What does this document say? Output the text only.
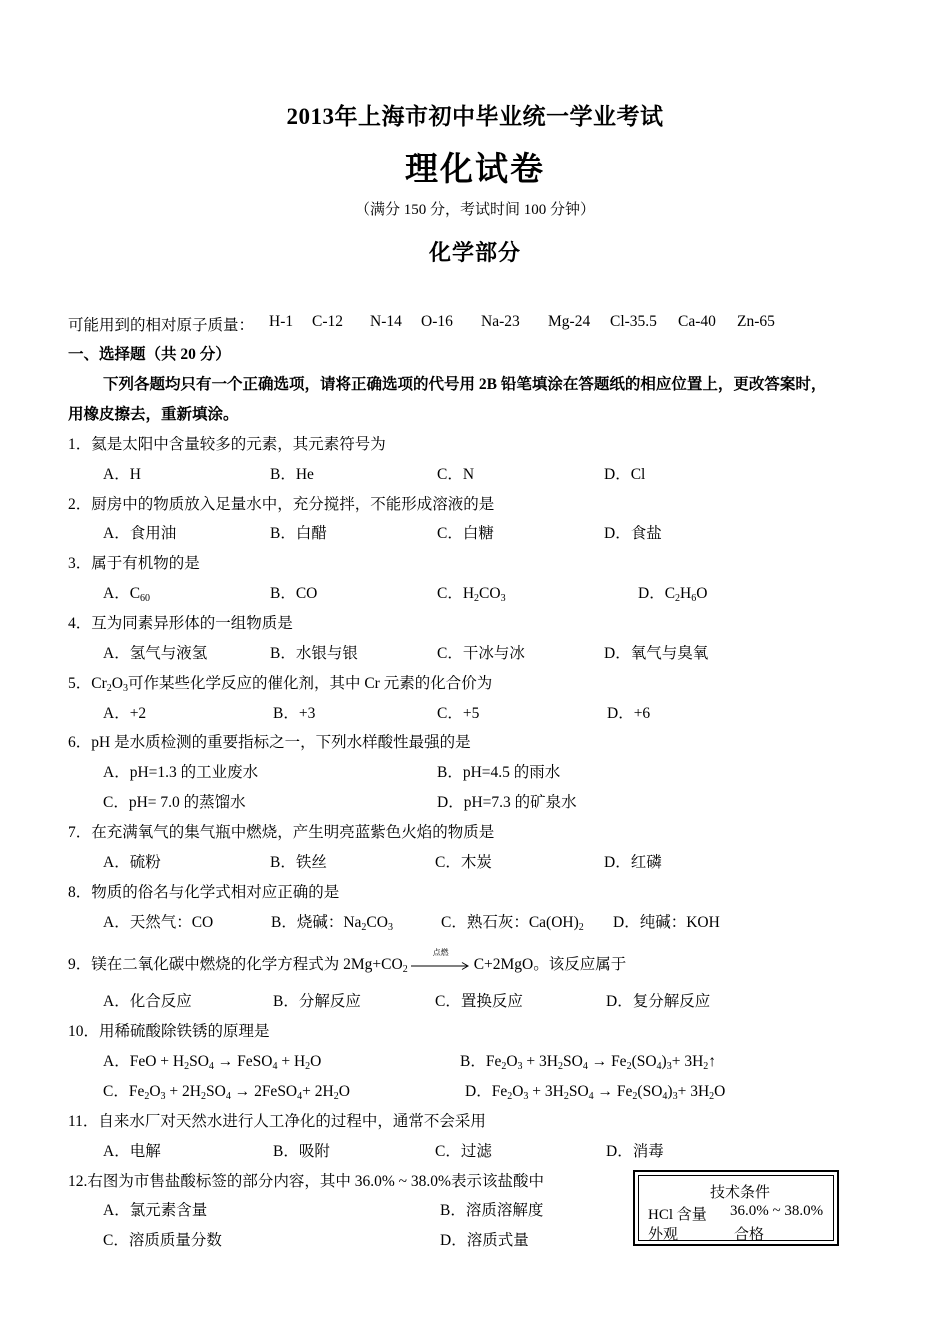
2013年上海市初中毕业统一学业考试
理化试卷
（满分 150 分，考试时间 100 分钟）
化学部分
可能用到的相对原子质量： H-1 C-12 N-14 O-16 Na-23 Mg-24 Cl-35.5 Ca-40 Zn-65
一、选择题（共 20 分）
下列各题均只有一个正确选项，请将正确选项的代号用 2B 铅笔填涂在答题纸的相应位置上，更改答案时，
用橡皮擦去，重新填涂。
1．氦是太阳中含量较多的元素，其元素符号为
A．H	B．He	C．N	D．Cl
2．厨房中的物质放入足量水中，充分搅拌，不能形成溶液的是
A．食用油	B．白醋	C．白糖	D．食盐
3．属于有机物的是
A．$C_{60}$	B．CO	C．$H_2CO_3$	D．$C_2H_6O$
4．互为同素异形体的一组物质是
A．氢气与液氢	B．水银与银	C．干冰与冰	D．氧气与臭氧
5．$Cr_2O_3$可作某些化学反应的催化剂，其中 Cr 元素的化合价为
A．+2	B．+3	C．+5	D．+6
6．pH 是水质检测的重要指标之一，下列水样酸性最强的是
A．pH=1.3 的工业废水	B．pH=4.5 的雨水
C．pH= 7.0 的蒸馏水	D．pH=7.3 的矿泉水
7．在充满氧气的集气瓶中燃烧，产生明亮蓝紫色火焰的物质是
A．硫粉	B．铁丝	C．木炭	D．红磷
8．物质的俗名与化学式相对应正确的是
A．天然气：CO	B．烧碱：$Na_2CO_3$	C．熟石灰：$Ca(OH)_2$ D．纯碱：KOH
9．镁在二氧化碳中燃烧的化学方程式为 $2Mg+CO_2$
点燃
C+2MgO。该反应属于
A．化合反应	B．分解反应	C．置换反应	D．复分解反应
10．用稀硫酸除铁锈的原理是
A．FeO + $H_2SO_4$ → FeSO$_4$ + $H_2O$	B．$Fe_2O_3 + 3H_2SO_4 \to Fe_2(SO_4)_3+$ $3H_2↑$
C．$Fe_2O_3 + 2H_2SO_4$ → 2FeSO$_4$+ $2H_2O$	D．$Fe_2O_3 + 3H_2SO_4 \to Fe_2(SO_4)_3+ 3H_2O$
11．自来水厂对天然水进行人工净化的过程中，通常不会采用
A．电解	B．吸附	C．过滤	D．消毒
12.右图为市售盐酸标签的部分内容，其中 36.0% ~ 38.0%表示该盐酸中
A．氯元素含量	B．溶质溶解度
C．溶质质量分数	D．溶质式量
技术条件
HCl 含量 36.0% ~ 38.0%
外观	合格
